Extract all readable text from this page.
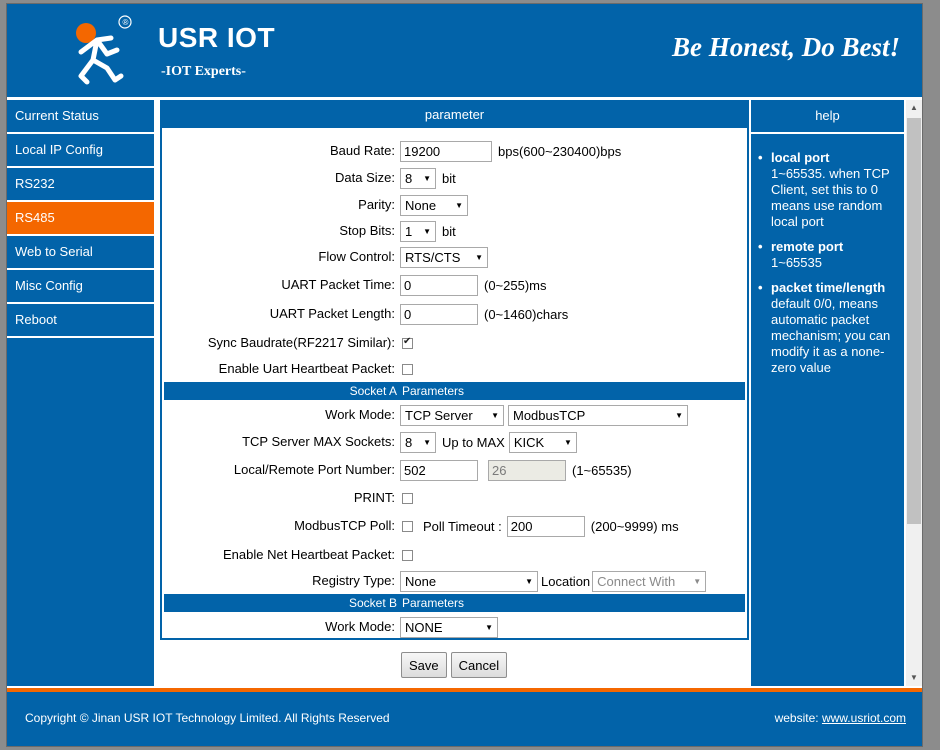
® USR IOT
-IOT Experts-
Be Honest, Do Best!
Current Status
Local IP Config
RS232
RS485
Web to Serial
Misc Config
Reboot
parameter
Baud Rate: 19200	bps(600~230400)bps
Data Size: 8 ▼ bit
Parity: None ▼
Stop Bits: 1 ▼ bit
Flow Control: RTS/CTS ▼
UART Packet Time: 0	(0~255)ms
UART Packet Length: 0	(0~1460)chars
Sync Baudrate(RF2217 Similar):
✔
Enable Uart Heartbeat Packet:
Socket A Parameters
Work Mode: TCP Server ▼ ModbusTCP	▼
TCP Server MAX Sockets: 8 ▼ Up to MAX KICK ▼
Local/Remote Port Number: 502	26	(1~65535)
PRINT:
ModbusTCP Poll: Poll Timeout : 200	(200~9999) ms
Enable Net Heartbeat Packet:
Registry Type: None	▼ Location Connect With ▼
Socket B Parameters
Work Mode: NONE	▼
Save	Cancel
help
• local port
1~65535. when TCP Client, set this to 0 means use random local port
• remote port
1~65535
• packet time/length
default 0/0, means automatic packet mechanism; you can modify it as a none-zero value
▲
▼
Copyright © Jinan USR IOT Technology Limited. All Rights Reserved	website: www.usriot.com
